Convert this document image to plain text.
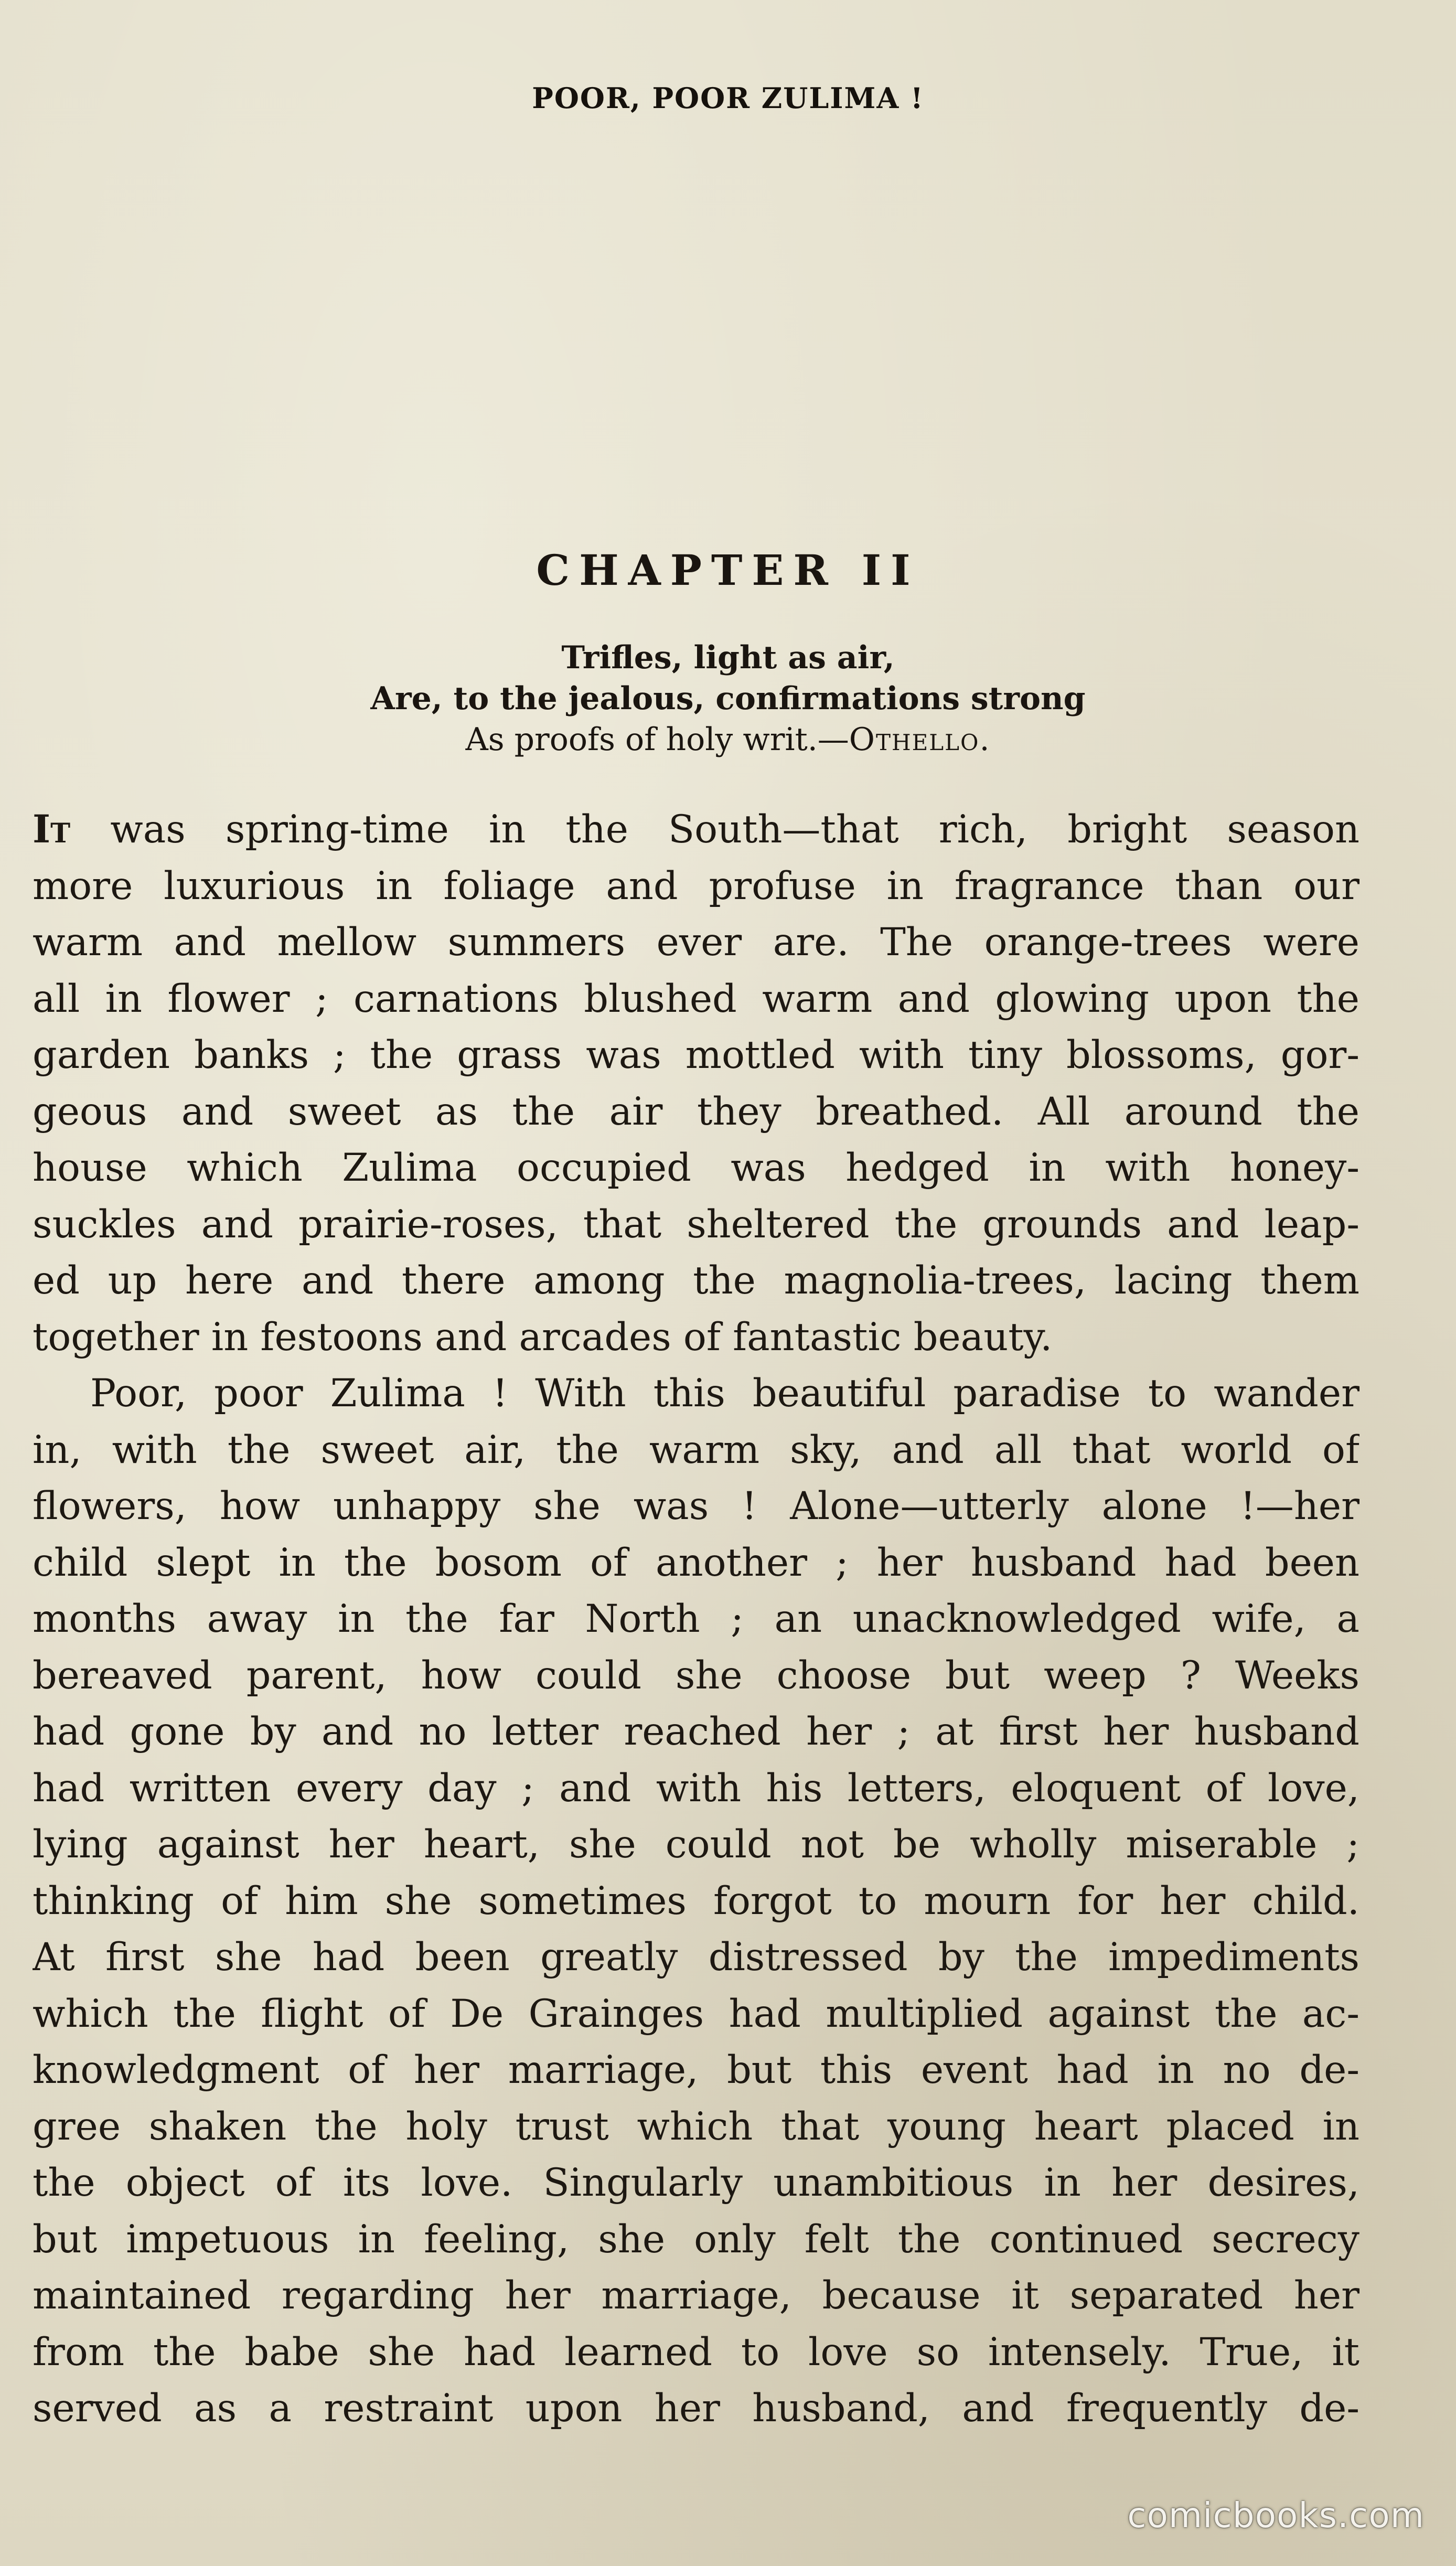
POOR, POOR ZULIMA !
CHAPTER II
Trifles, light as air,
Are, to the jealous, confirmations strong
As proofs of holy writ.—Othello.
It was spring-time in the South—that rich, bright season
more luxurious in foliage and profuse in fragrance than our
warm and mellow summers ever are. The orange-trees were
all in flower ; carnations blushed warm and glowing upon the
garden banks ; the grass was mottled with tiny blossoms, gor-
geous and sweet as the air they breathed. All around the
house which Zulima occupied was hedged in with honey-
suckles and prairie-roses, that sheltered the grounds and leap-
ed up here and there among the magnolia-trees, lacing them
together in festoons and arcades of fantastic beauty.
Poor, poor Zulima ! With this beautiful paradise to wander
in, with the sweet air, the warm sky, and all that world of
flowers, how unhappy she was ! Alone—utterly alone !—her
child slept in the bosom of another ; her husband had been
months away in the far North ; an unacknowledged wife, a
bereaved parent, how could she choose but weep ? Weeks
had gone by and no letter reached her ; at first her husband
had written every day ; and with his letters, eloquent of love,
lying against her heart, she could not be wholly miserable ;
thinking of him she sometimes forgot to mourn for her child.
At first she had been greatly distressed by the impediments
which the flight of De Grainges had multiplied against the ac-
knowledgment of her marriage, but this event had in no de-
gree shaken the holy trust which that young heart placed in
the object of its love. Singularly unambitious in her desires,
but impetuous in feeling, she only felt the continued secrecy
maintained regarding her marriage, because it separated her
from the babe she had learned to love so intensely. True, it
served as a restraint upon her husband, and frequently de-
comicbooks.com
